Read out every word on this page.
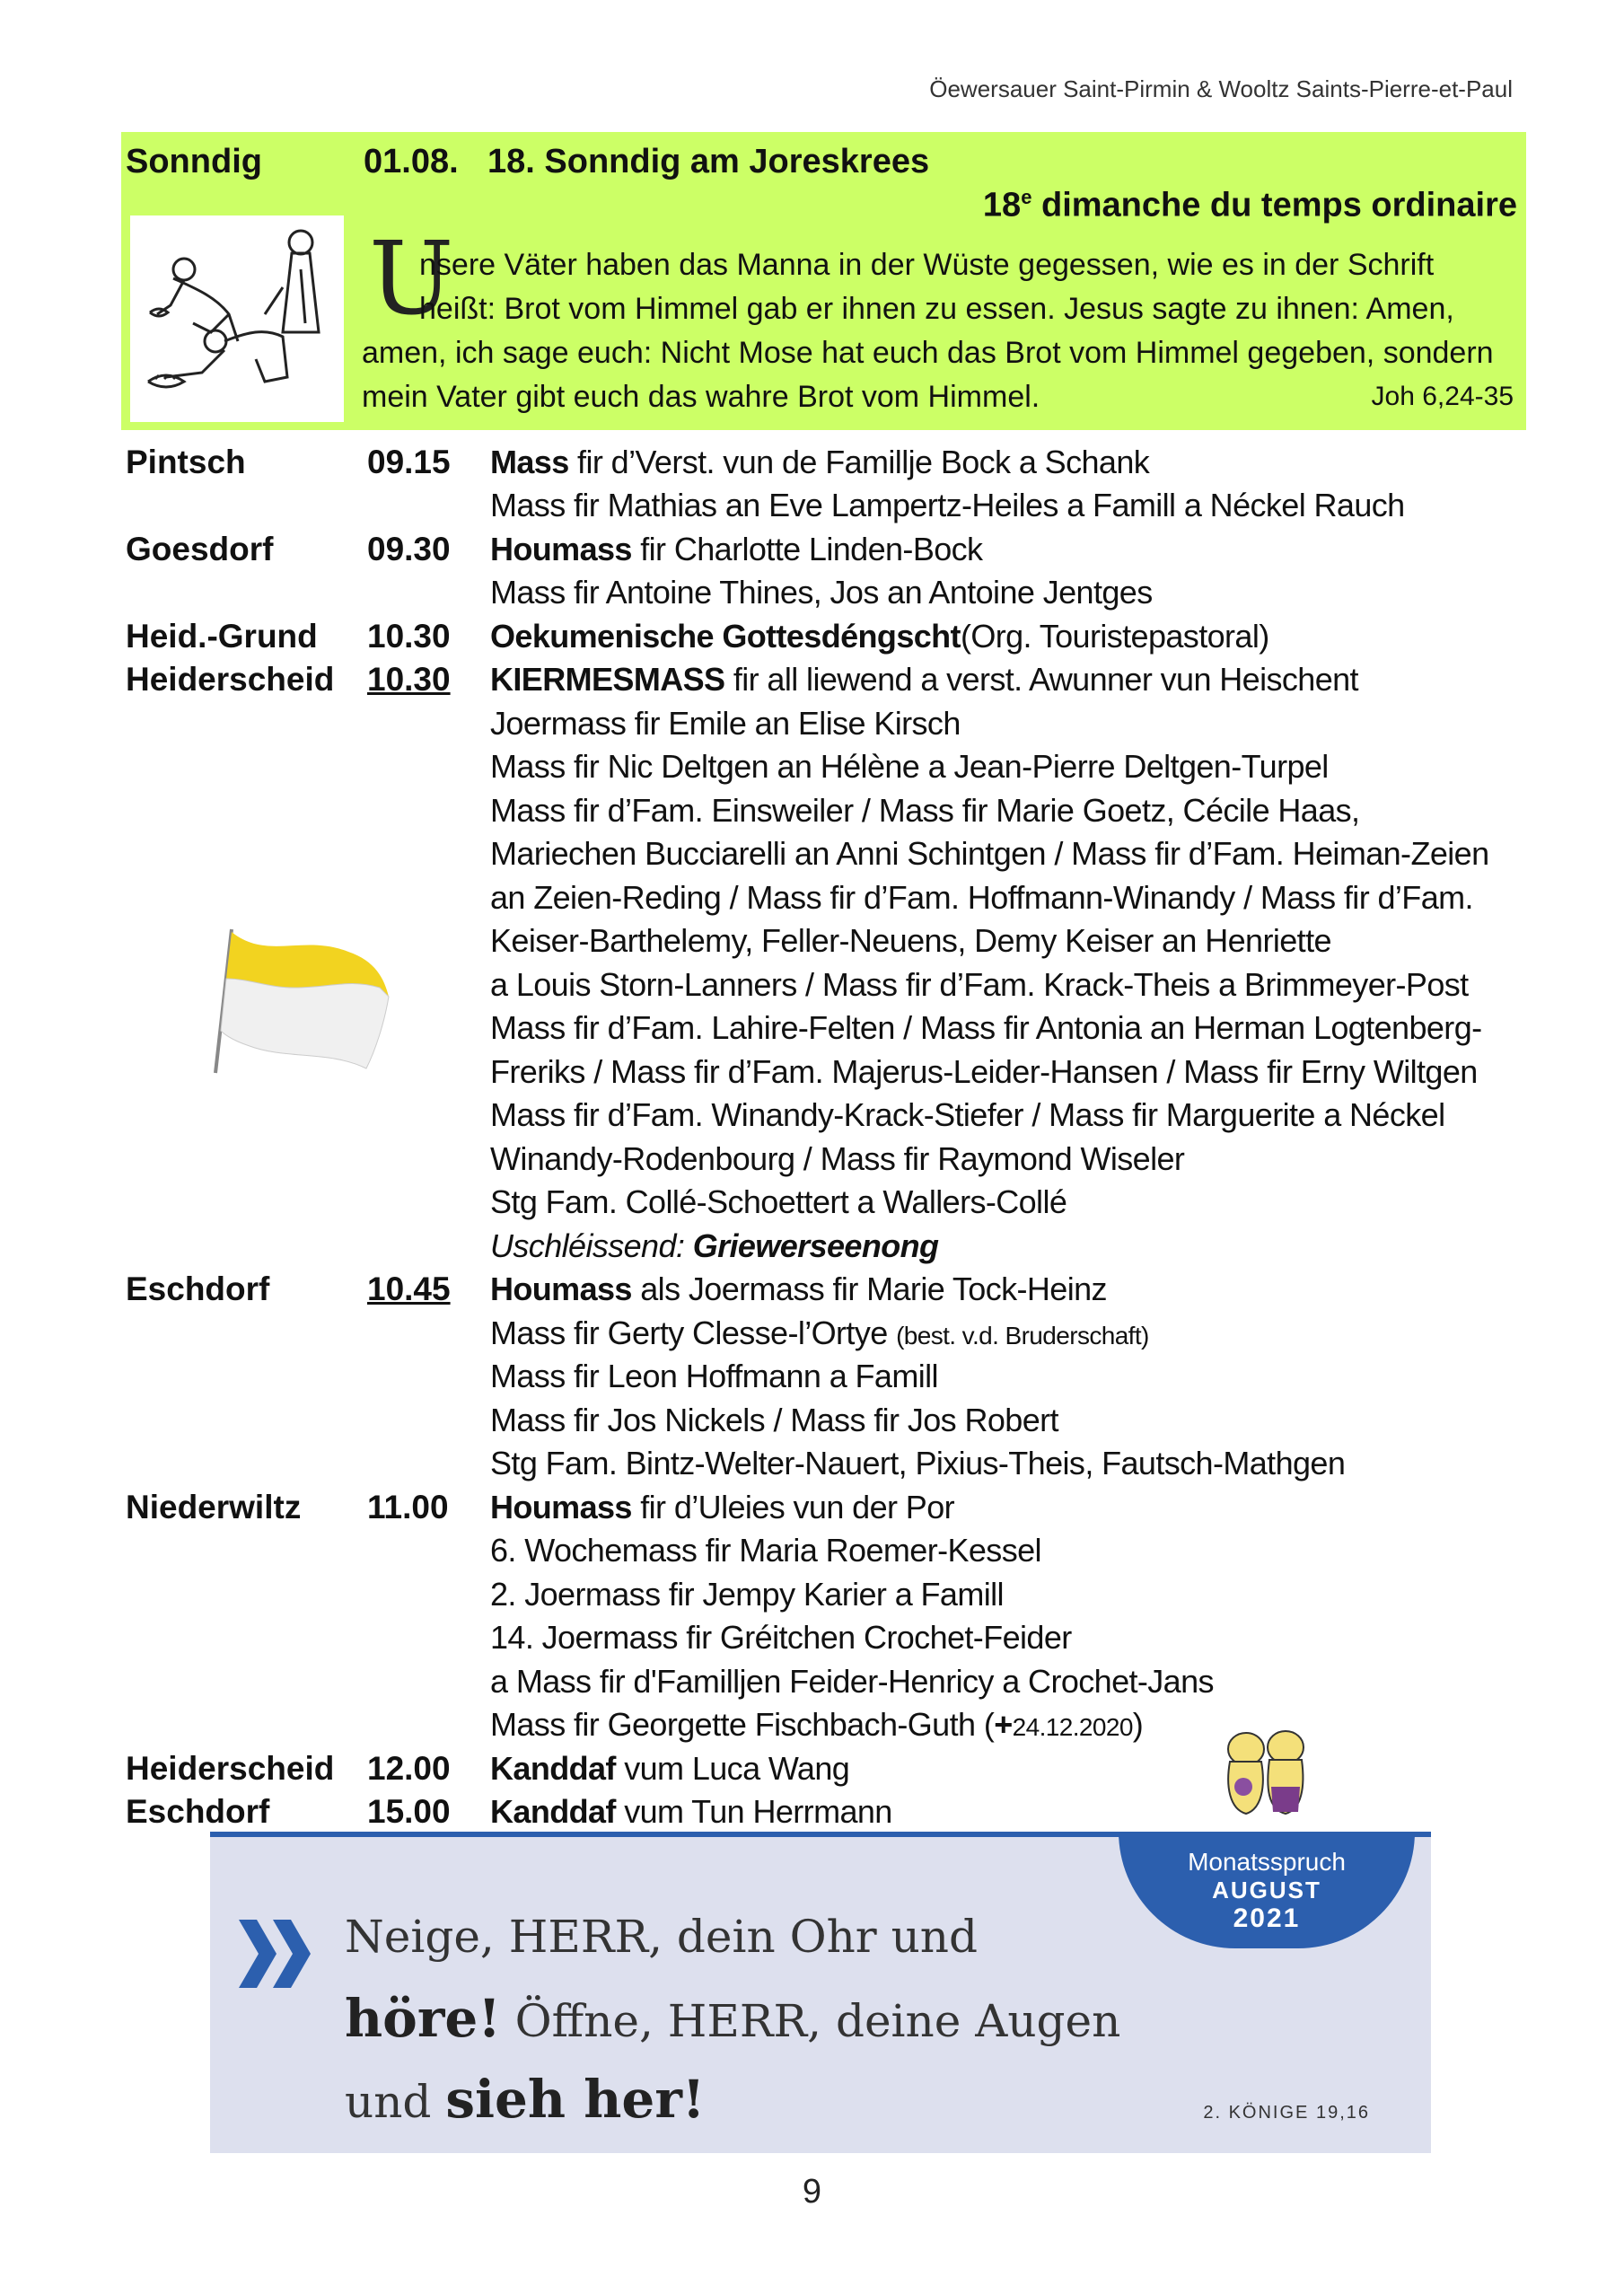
Öewersauer Saint-Pirmin & Wooltz Saints-Pierre-et-Paul
Sonndig	01.08. 18. Sonndig am Joreskrees
18e dimanche du temps ordinaire
U
nsere Väter haben das Manna in der Wüste gegessen, wie es in der Schrift
heißt: Brot vom Himmel gab er ihnen zu essen. Jesus sagte zu ihnen: Amen,
amen, ich sage euch: Nicht Mose hat euch das Brot vom Himmel gegeben, sondern
mein Vater gibt euch das wahre Brot vom Himmel.	Joh 6,24-35
Pintsch	09.15 Mass fir d’Verst. vun de Famillje Bock a Schank
Mass fir Mathias an Eve Lampertz-Heiles a Famill a Néckel Rauch
Goesdorf	09.30 Houmass fir Charlotte Linden-Bock
Mass fir Antoine Thines, Jos an Antoine Jentges
Heid.-Grund 10.30 Oekumenische Gottesdéngscht(Org. Touristepastoral)
Heiderscheid 10.30 KIERMESMASS fir all liewend a verst. Awunner vun Heischent
Joermass fir Emile an Elise Kirsch
Mass fir Nic Deltgen an Hélène a Jean-Pierre Deltgen-Turpel
Mass fir d’Fam. Einsweiler / Mass fir Marie Goetz, Cécile Haas,
Mariechen Bucciarelli an Anni Schintgen / Mass fir d’Fam. Heiman-Zeien
an Zeien-Reding / Mass fir d’Fam. Hoffmann-Winandy / Mass fir d’Fam.
Keiser-Barthelemy, Feller-Neuens, Demy Keiser an Henriette
a Louis Storn-Lanners / Mass fir d’Fam. Krack-Theis a Brimmeyer-Post
Mass fir d’Fam. Lahire-Felten / Mass fir Antonia an Herman Logtenberg-
Freriks / Mass fir d’Fam. Majerus-Leider-Hansen / Mass fir Erny Wiltgen
Mass fir d’Fam. Winandy-Krack-Stiefer / Mass fir Marguerite a Néckel
Winandy-Rodenbourg / Mass fir Raymond Wiseler
Stg Fam. Collé-Schoettert a Wallers-Collé
Uschléissend: Griewerseenong
Eschdorf	10.45 Houmass als Joermass fir Marie Tock-Heinz
Mass fir Gerty Clesse-l’Ortye (best. v.d. Bruderschaft)
Mass fir Leon Hoffmann a Famill
Mass fir Jos Nickels / Mass fir Jos Robert
Stg Fam. Bintz-Welter-Nauert, Pixius-Theis, Fautsch-Mathgen
Niederwiltz 11.00 Houmass fir d’Uleies vun der Por
6. Wochemass fir Maria Roemer-Kessel
2. Joermass fir Jempy Karier a Famill
14. Joermass fir Gréitchen Crochet-Feider
a Mass fir d'Familljen Feider-Henricy a Crochet-Jans
Mass fir Georgette Fischbach-Guth (+24.12.2020)
Heiderscheid 12.00 Kanddaf vum Luca Wang
Eschdorf	15.00 Kanddaf vum Tun Herrmann
Neige, HERR, dein Ohr und
höre! Öffne, HERR, deine Augen
und sieh her!
Monatsspruch
AUGUST
2021
2. KÖNIGE 19,16
9
